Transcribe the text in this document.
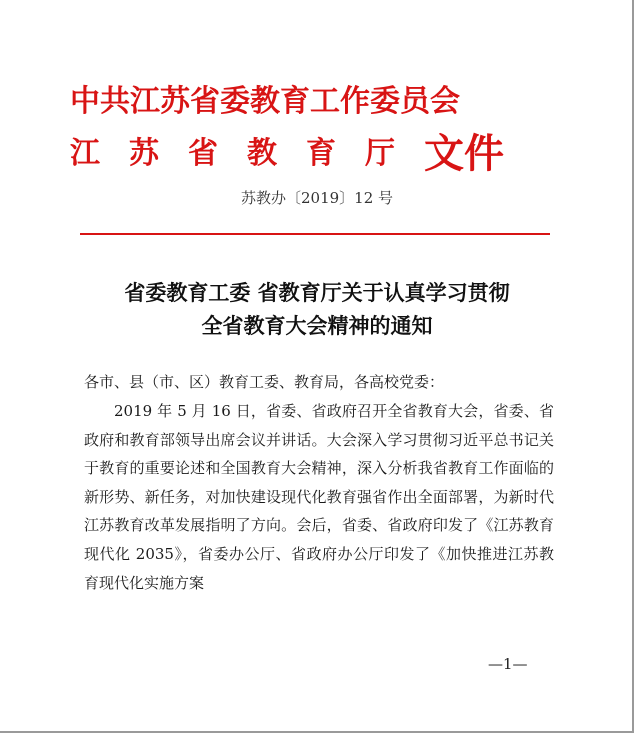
中共江苏省委教育工作委员会
江苏省教育厅文件
苏教办〔2019〕12 号
省委教育工委 省教育厅关于认真学习贯彻
全省教育大会精神的通知
各市、县（市、区）教育工委、教育局，各高校党委：
2019 年 5 月 16 日，省委、省政府召开全省教育大会，省委、省政府和教育部领导出席会议并讲话。大会深入学习贯彻习近平总书记关于教育的重要论述和全国教育大会精神，深入分析我省教育工作面临的新形势、新任务，对加快建设现代化教育强省作出全面部署，为新时代江苏教育改革发展指明了方向。会后，省委、省政府印发了《江苏教育现代化 2035》，省委办公厅、省政府办公厅印发了《加快推进江苏教育现代化实施方案
—1—
